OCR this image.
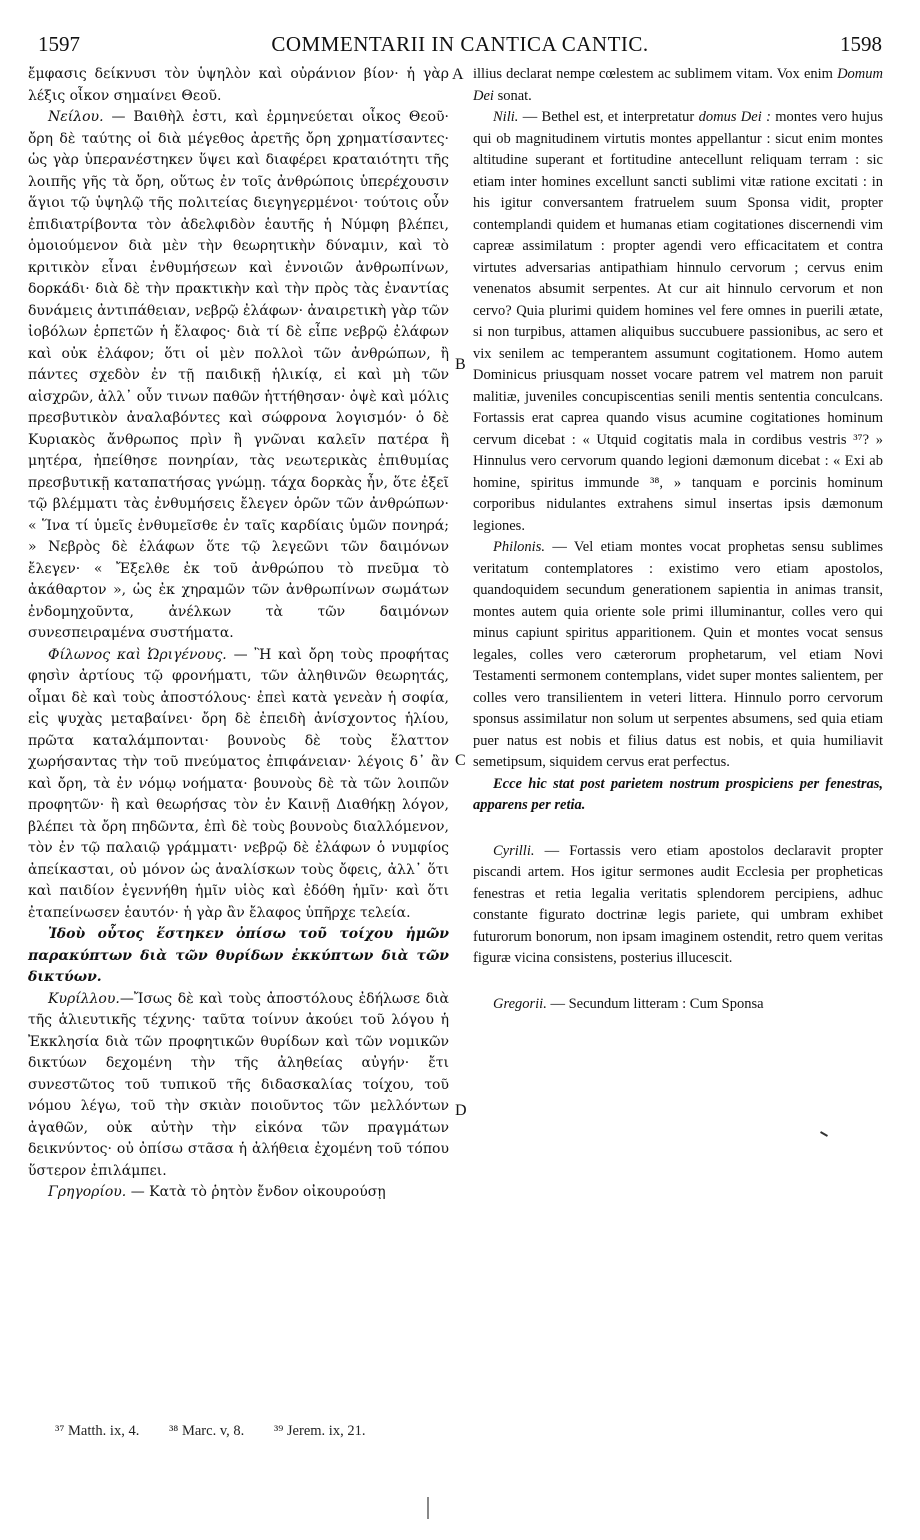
1597	COMMENTARII IN CANTICA CANTIC.	1598

ἔμφασις δείκνυσι τὸν ὑψηλὸν καὶ οὐράνιον βίον· ἡ γὰρ λέξις οἶκον σημαίνει Θεοῦ.

Νείλου. — Βαιθὴλ ἐστι, καὶ ἑρμηνεύεται οἶκος Θεοῦ· ὄρη δὲ ταύτης οἱ διὰ μέγεθος ἀρετῆς ὄρη χρηματίσαντες· ὡς γὰρ ὑπερανέστηκεν ὕψει καὶ διαφέρει κραταιότητι τῆς λοιπῆς γῆς τὰ ὄρη, οὕτως ἐν τοῖς ἀνθρώποις ὑπερέχουσιν ἅγιοι τῷ ὑψηλῷ τῆς πολιτείας διεγηγερμένοι· τούτοις οὖν ἐπιδιατρίβοντα τὸν ἀδελφιδὸν ἑαυτῆς ἡ Νύμφη βλέπει, ὁμοιούμενον διὰ μὲν τὴν θεωρητικὴν δύναμιν, καὶ τὸ κριτικὸν εἶναι ἐνθυμήσεων καὶ ἐννοιῶν ἀνθρωπίνων, δορκάδι· διὰ δὲ τὴν πρακτικὴν καὶ τὴν πρὸς τὰς ἐναντίας δυνάμεις ἀντιπάθειαν, νεβρῷ ἐλάφων· ἀναιρετικὴ γὰρ τῶν ἰοβόλων ἑρπετῶν ἡ ἔλαφος· διὰ τί δὲ εἶπε νεβρῷ ἐλάφων καὶ οὐκ ἐλάφον; ὅτι οἱ μὲν πολλοὶ τῶν ἀνθρώπων, ἢ πάντες σχεδὸν ἐν τῇ παιδικῇ ἡλικίᾳ, εἰ καὶ μὴ τῶν αἰσχρῶν, ἀλλ᾽ οὖν τινων παθῶν ἡττήθησαν· ὀψὲ καὶ μόλις πρεσβυτικὸν ἀναλαβόντες καὶ σώφρονα λογισμόν· ὁ δὲ Κυριακὸς ἄνθρωπος πρὶν ἢ γνῶναι καλεῖν πατέρα ἢ μητέρα, ἠπείθησε πονηρίαν, τὰς νεωτερικὰς ἐπιθυμίας πρεσβυτικῇ καταπατήσας γνώμῃ. τάχα δορκὰς ἦν, ὅτε ἐξεῖ τῷ βλέμματι τὰς ἐνθυμήσεις ἔλεγεν ὁρῶν τῶν ἀνθρώπων· « Ἵνα τί ὑμεῖς ἐνθυμεῖσθε ἐν ταῖς καρδίαις ὑμῶν πονηρά; » Νεβρὸς δὲ ἐλάφων ὅτε τῷ λεγεῶνι τῶν δαιμόνων ἔλεγεν· « Ἔξελθε ἐκ τοῦ ἀνθρώπου τὸ πνεῦμα τὸ ἀκάθαρτον », ὡς ἐκ χηραμῶν τῶν ἀνθρωπίνων σωμάτων ἐνδομηχοῦντα, ἀνέλκων τὰ τῶν δαιμόνων συνεσπειραμένα συστήματα.

Φίλωνος καὶ Ὠριγένους. — Ἢ καὶ ὄρη τοὺς προφήτας φησὶν ἀρτίους τῷ φρονήματι, τῶν ἀληθινῶν θεωρητάς, οἶμαι δὲ καὶ τοὺς ἀποστόλους· ἐπεὶ κατὰ γενεὰν ἡ σοφία, εἰς ψυχὰς μεταβαίνει· ὄρη δὲ ἐπειδὴ ἀνίσχοντος ἡλίου, πρῶτα καταλάμπονται· βουνοὺς δὲ τοὺς ἔλαττον χωρήσαντας τὴν τοῦ πνεύματος ἐπιφάνειαν· λέγοις δ᾽ ἂν καὶ ὄρη, τὰ ἐν νόμῳ νοήματα· βουνοὺς δὲ τὰ τῶν λοιπῶν προφητῶν· ἢ καὶ θεωρήσας τὸν ἐν Καινῇ Διαθήκῃ λόγον, βλέπει τὰ ὄρη πηδῶντα, ἐπὶ δὲ τοὺς βουνοὺς διαλλόμενον, τὸν ἐν τῷ παλαιῷ γράμματι· νεβρῷ δὲ ἐλάφων ὁ νυμφίος ἀπείκασται, οὐ μόνον ὡς ἀναλίσκων τοὺς ὄφεις, ἀλλ᾽ ὅτι καὶ παιδίον ἐγεννήθη ἡμῖν υἱὸς καὶ ἐδόθη ἡμῖν· καὶ ὅτι ἐταπείνωσεν ἑαυτόν· ἡ γὰρ ἂν ἔλαφος ὑπῆρχε τελεία.

Ἰδοὺ οὗτος ἕστηκεν ὀπίσω τοῦ τοίχου ἡμῶν παρακύπτων διὰ τῶν θυρίδων ἐκκύπτων διὰ τῶν δικτύων.

Κυρίλλου.—Ἴσως δὲ καὶ τοὺς ἀποστόλους ἐδήλωσε διὰ τῆς ἁλιευτικῆς τέχνης· ταῦτα τοίνυν ἀκούει τοῦ λόγου ἡ Ἐκκλησία διὰ τῶν προφητικῶν θυρίδων καὶ τῶν νομικῶν δικτύων δεχομένη τὴν τῆς ἀληθείας αὐγήν· ἔτι συνεστῶτος τοῦ τυπικοῦ τῆς διδασκαλίας τοίχου, τοῦ νόμου λέγω, τοῦ τὴν σκιὰν ποιοῦντος τῶν μελλόντων ἀγαθῶν, οὐκ αὐτὴν τὴν εἰκόνα τῶν πραγμάτων δεικνύντος· οὐ ὀπίσω στᾶσα ἡ ἀλήθεια ἐχομένη τοῦ τόπου ὕστερον ἐπιλάμπει.

Γρηγορίου. — Κατὰ τὸ ῥητὸν ἔνδον οἰκουρούσῃ

illius declarat nempe cœlestem ac sublimem vitam. Vox enim Domum Dei sonat.

Nili. — Bethel est, et interpretatur domus Dei : montes vero hujus qui ob magnitudinem virtutis montes appellantur : sicut enim montes altitudine superant et fortitudine antecellunt reliquam terram : sic etiam inter homines excellunt sancti sublimi vitæ ratione excitati : in his igitur conversantem fratruelem suum Sponsa vidit, propter contemplandi quidem et humanas etiam cogitationes discernendi vim capreæ assimilatum : propter agendi vero efficacitatem et contra virtutes adversarias antipathiam hinnulo cervorum ; cervus enim venenatos absumit serpentes. At cur ait hinnulo cervorum et non cervo? Quia plurimi quidem homines vel fere omnes in puerili ætate, si non turpibus, attamen aliquibus succubuere passionibus, ac sero et vix senilem ac temperantem assumunt cogitationem. Homo autem Dominicus priusquam nosset vocare patrem vel matrem non paruit malitiæ, juveniles concupiscentias senili mentis sententia conculcans. Fortassis erat caprea quando visus acumine cogitationes hominum cervum dicebat : « Utquid cogitatis mala in cordibus vestris ³⁷? » Hinnulus vero cervorum quando legioni dæmonum dicebat : « Exi ab homine, spiritus immunde ³⁸, » tanquam e porcinis hominum corporibus nidulantes extrahens simul insertas ipsis dæmonum legiones.

Philonis. — Vel etiam montes vocat prophetas sensu sublimes veritatum contemplatores : existimo vero etiam apostolos, quandoquidem secundum generationem sapientia in animas transit, montes autem quia oriente sole primi illuminantur, colles vero qui minus capiunt spiritus apparitionem. Quin et montes vocat sensus legales, colles vero cæterorum prophetarum, vel etiam Novi Testamenti sermonem contemplans, videt super montes salientem, per colles vero transilientem in veteri littera. Hinnulo porro cervorum sponsus assimilatur non solum ut serpentes absumens, sed quia etiam puer natus est nobis et filius datus est nobis, et quia humiliavit semetipsum, siquidem cervus erat perfectus.

Ecce hic stat post parietem nostrum prospiciens per fenestras, apparens per retia.

Cyrilli. — Fortassis vero etiam apostolos declaravit propter piscandi artem. Hos igitur sermones audit Ecclesia per propheticas fenestras et retia legalia veritatis splendorem percipiens, adhuc constante figurato doctrinæ legis pariete, qui umbram exhibet futurorum bonorum, non ipsam imaginem ostendit, retro quem veritas figuræ vicina consistens, posterius illucescit.

Gregorii. — Secundum litteram : Cum Sponsa

A
B
C
D
³⁷ Matth. ix, 4. ³⁸ Marc. v, 8. ³⁹ Jerem. ix, 21.
